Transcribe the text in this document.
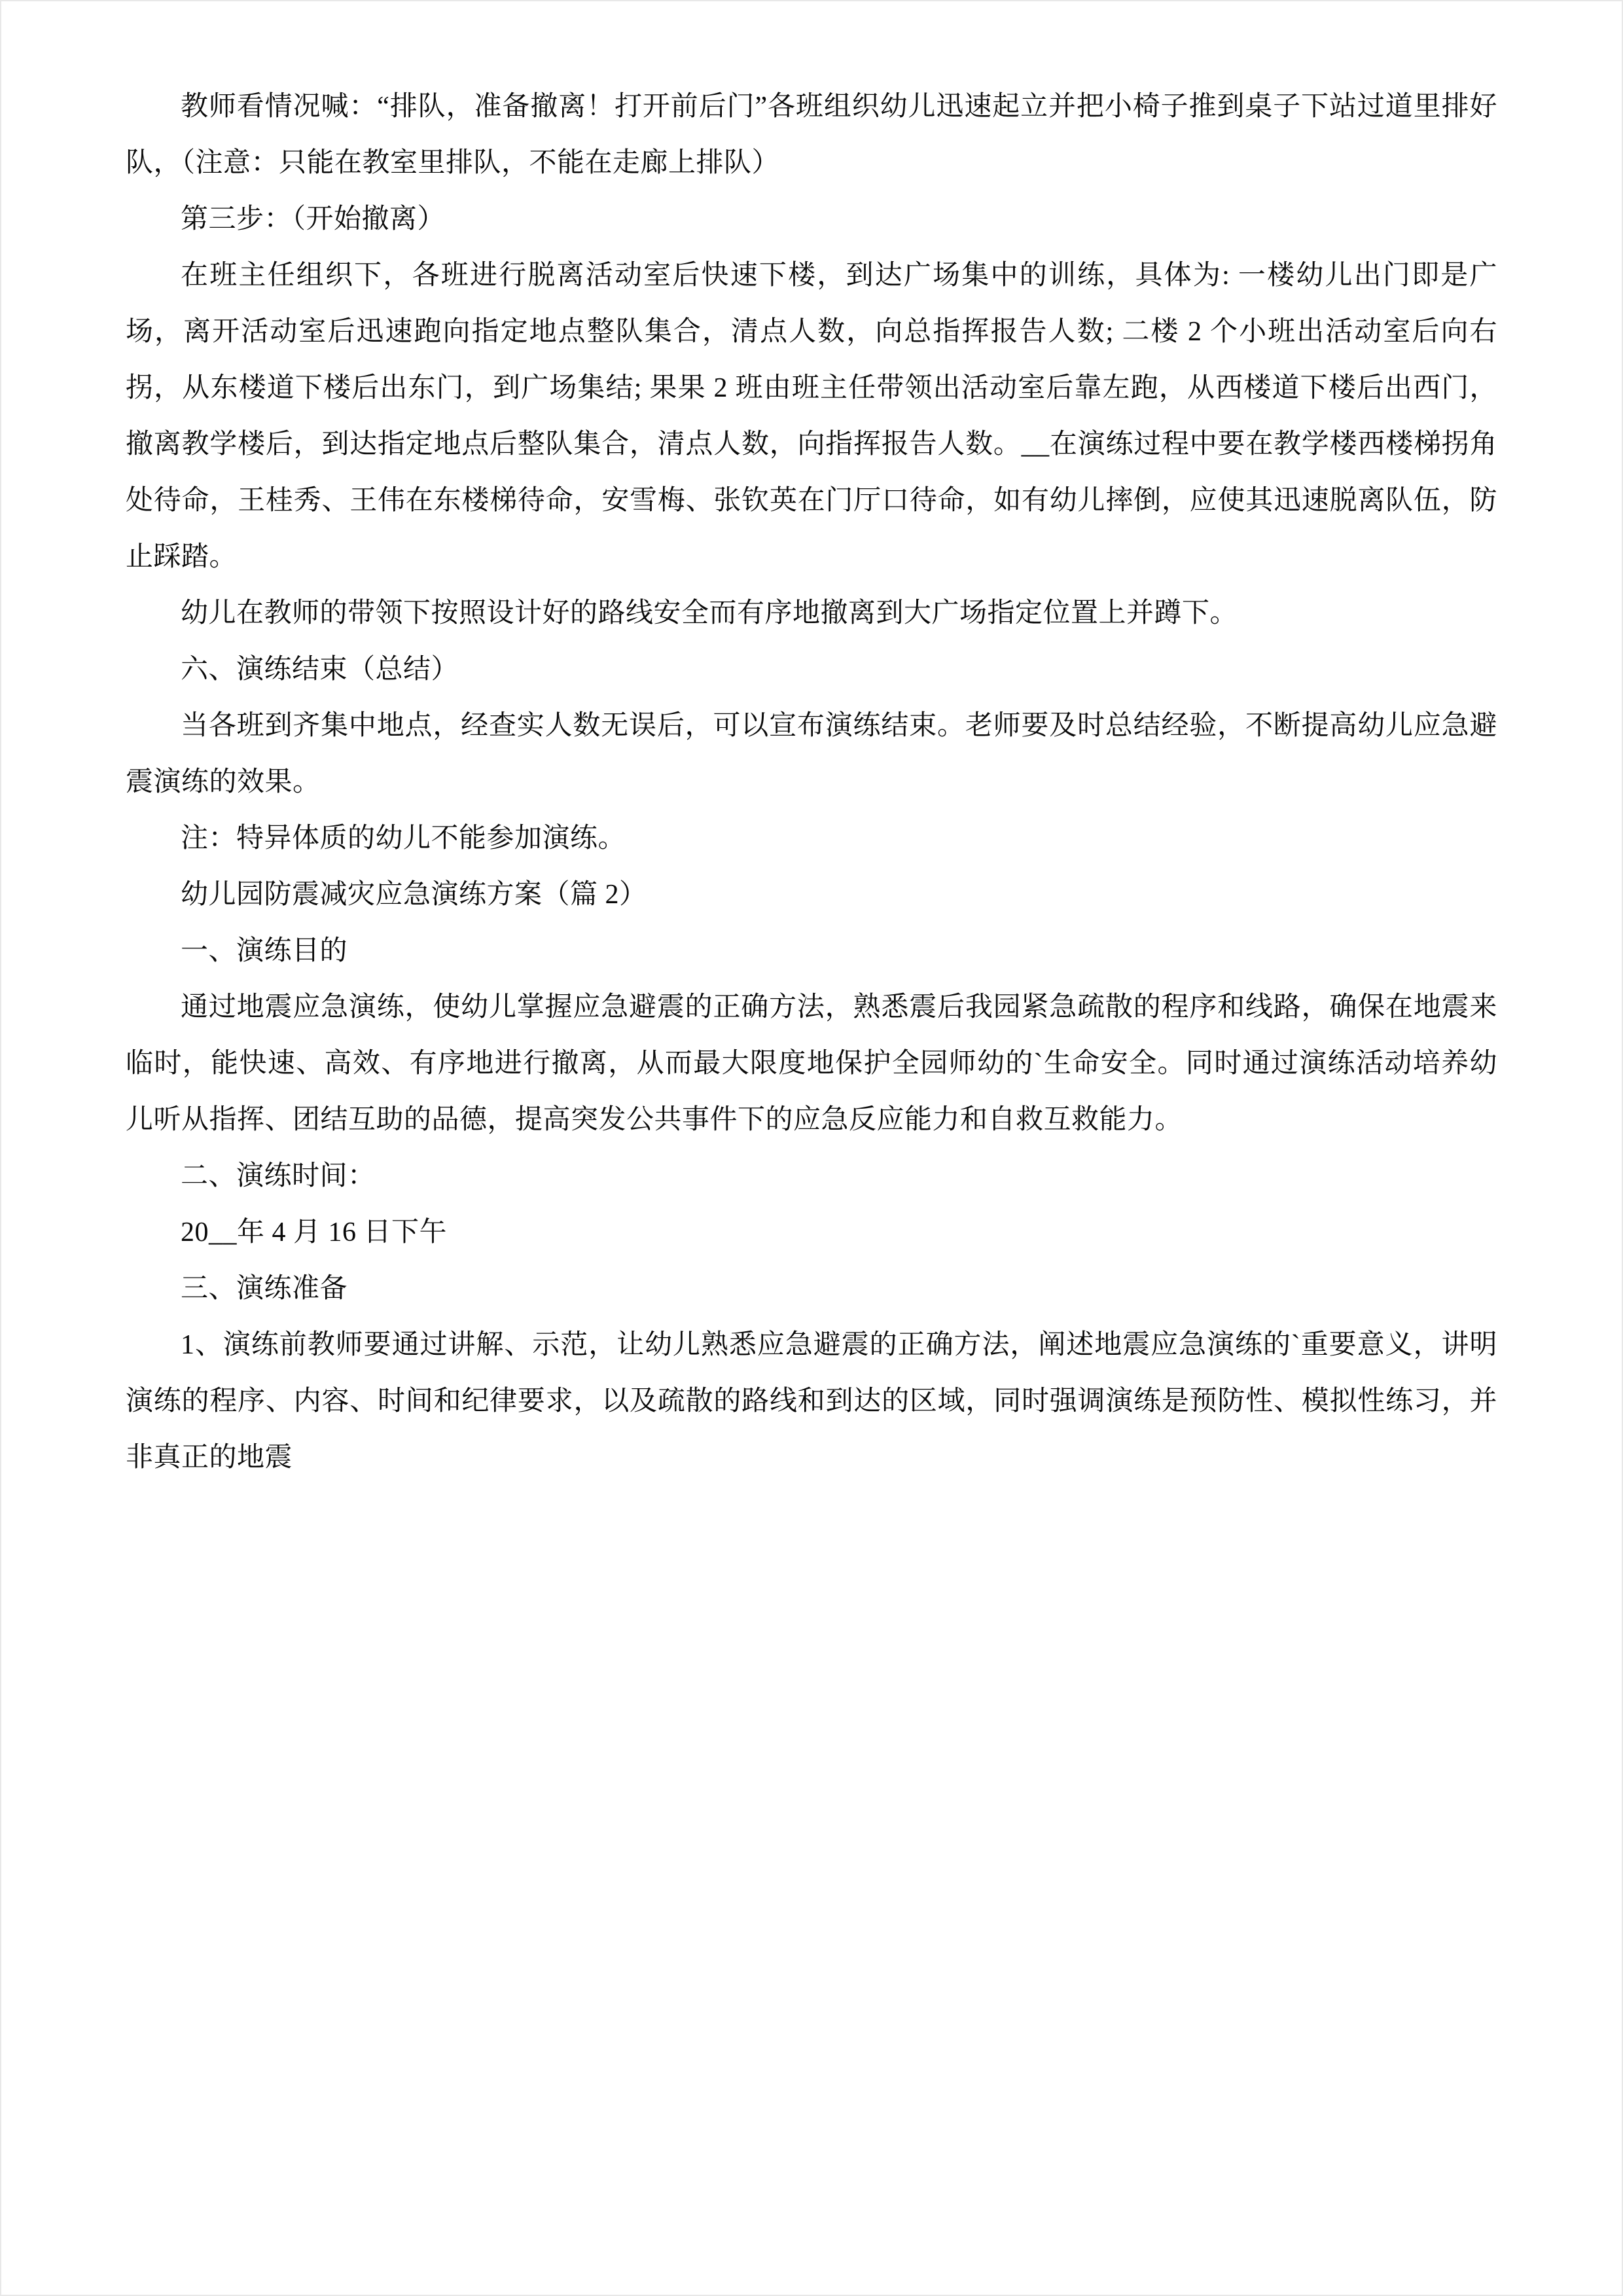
教师看情况喊：“排队，准备撤离！打开前后门”各班组织幼儿迅速起立并把小椅子推到桌子下站过道里排好队，（注意：只能在教室里排队，不能在走廊上排队）

第三步：（开始撤离）

在班主任组织下，各班进行脱离活动室后快速下楼，到达广场集中的训练，具体为: 一楼幼儿出门即是广场，离开活动室后迅速跑向指定地点整队集合，清点人数，向总指挥报告人数; 二楼 2 个小班出活动室后向右拐，从东楼道下楼后出东门，到广场集结; 果果 2 班由班主任带领出活动室后靠左跑，从西楼道下楼后出西门，撤离教学楼后，到达指定地点后整队集合，清点人数，向指挥报告人数。__在演练过程中要在教学楼西楼梯拐角处待命，王桂秀、王伟在东楼梯待命，安雪梅、张钦英在门厅口待命，如有幼儿摔倒，应使其迅速脱离队伍，防止踩踏。

幼儿在教师的带领下按照设计好的路线安全而有序地撤离到大广场指定位置上并蹲下。

六、演练结束（总结）

当各班到齐集中地点，经查实人数无误后，可以宣布演练结束。老师要及时总结经验，不断提高幼儿应急避震演练的效果。

注：特异体质的幼儿不能参加演练。

幼儿园防震减灾应急演练方案（篇 2）

一、演练目的

通过地震应急演练，使幼儿掌握应急避震的正确方法，熟悉震后我园紧急疏散的程序和线路，确保在地震来临时，能快速、高效、有序地进行撤离，从而最大限度地保护全园师幼的`生命安全。同时通过演练活动培养幼儿听从指挥、团结互助的品德，提高突发公共事件下的应急反应能力和自救互救能力。

二、演练时间：

20__年 4 月 16 日下午

三、演练准备

1、演练前教师要通过讲解、示范，让幼儿熟悉应急避震的正确方法，阐述地震应急演练的`重要意义，讲明演练的程序、内容、时间和纪律要求，以及疏散的路线和到达的区域，同时强调演练是预防性、模拟性练习，并非真正的地震
